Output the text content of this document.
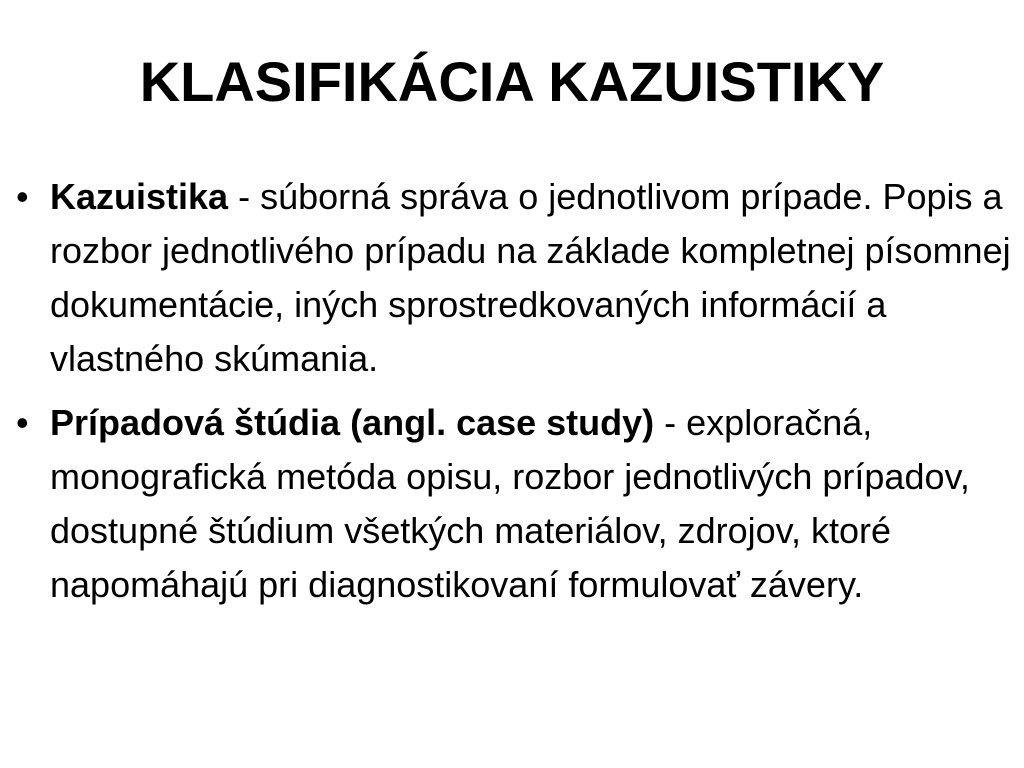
KLASIFIKÁCIA KAZUISTIKY
• Kazuistika - súborná správa o jednotlivom prípade. Popis a rozbor jednotlivého prípadu na základe kompletnej písomnej dokumentácie, iných sprostredkovaných informácií a vlastného skúmania.
• Prípadová štúdia (angl. case study) - exploračná, monografická metóda opisu, rozbor jednotlivých prípadov, dostupné štúdium všetkých materiálov, zdrojov, ktoré napomáhajú pri diagnostikovaní formulovať závery.
